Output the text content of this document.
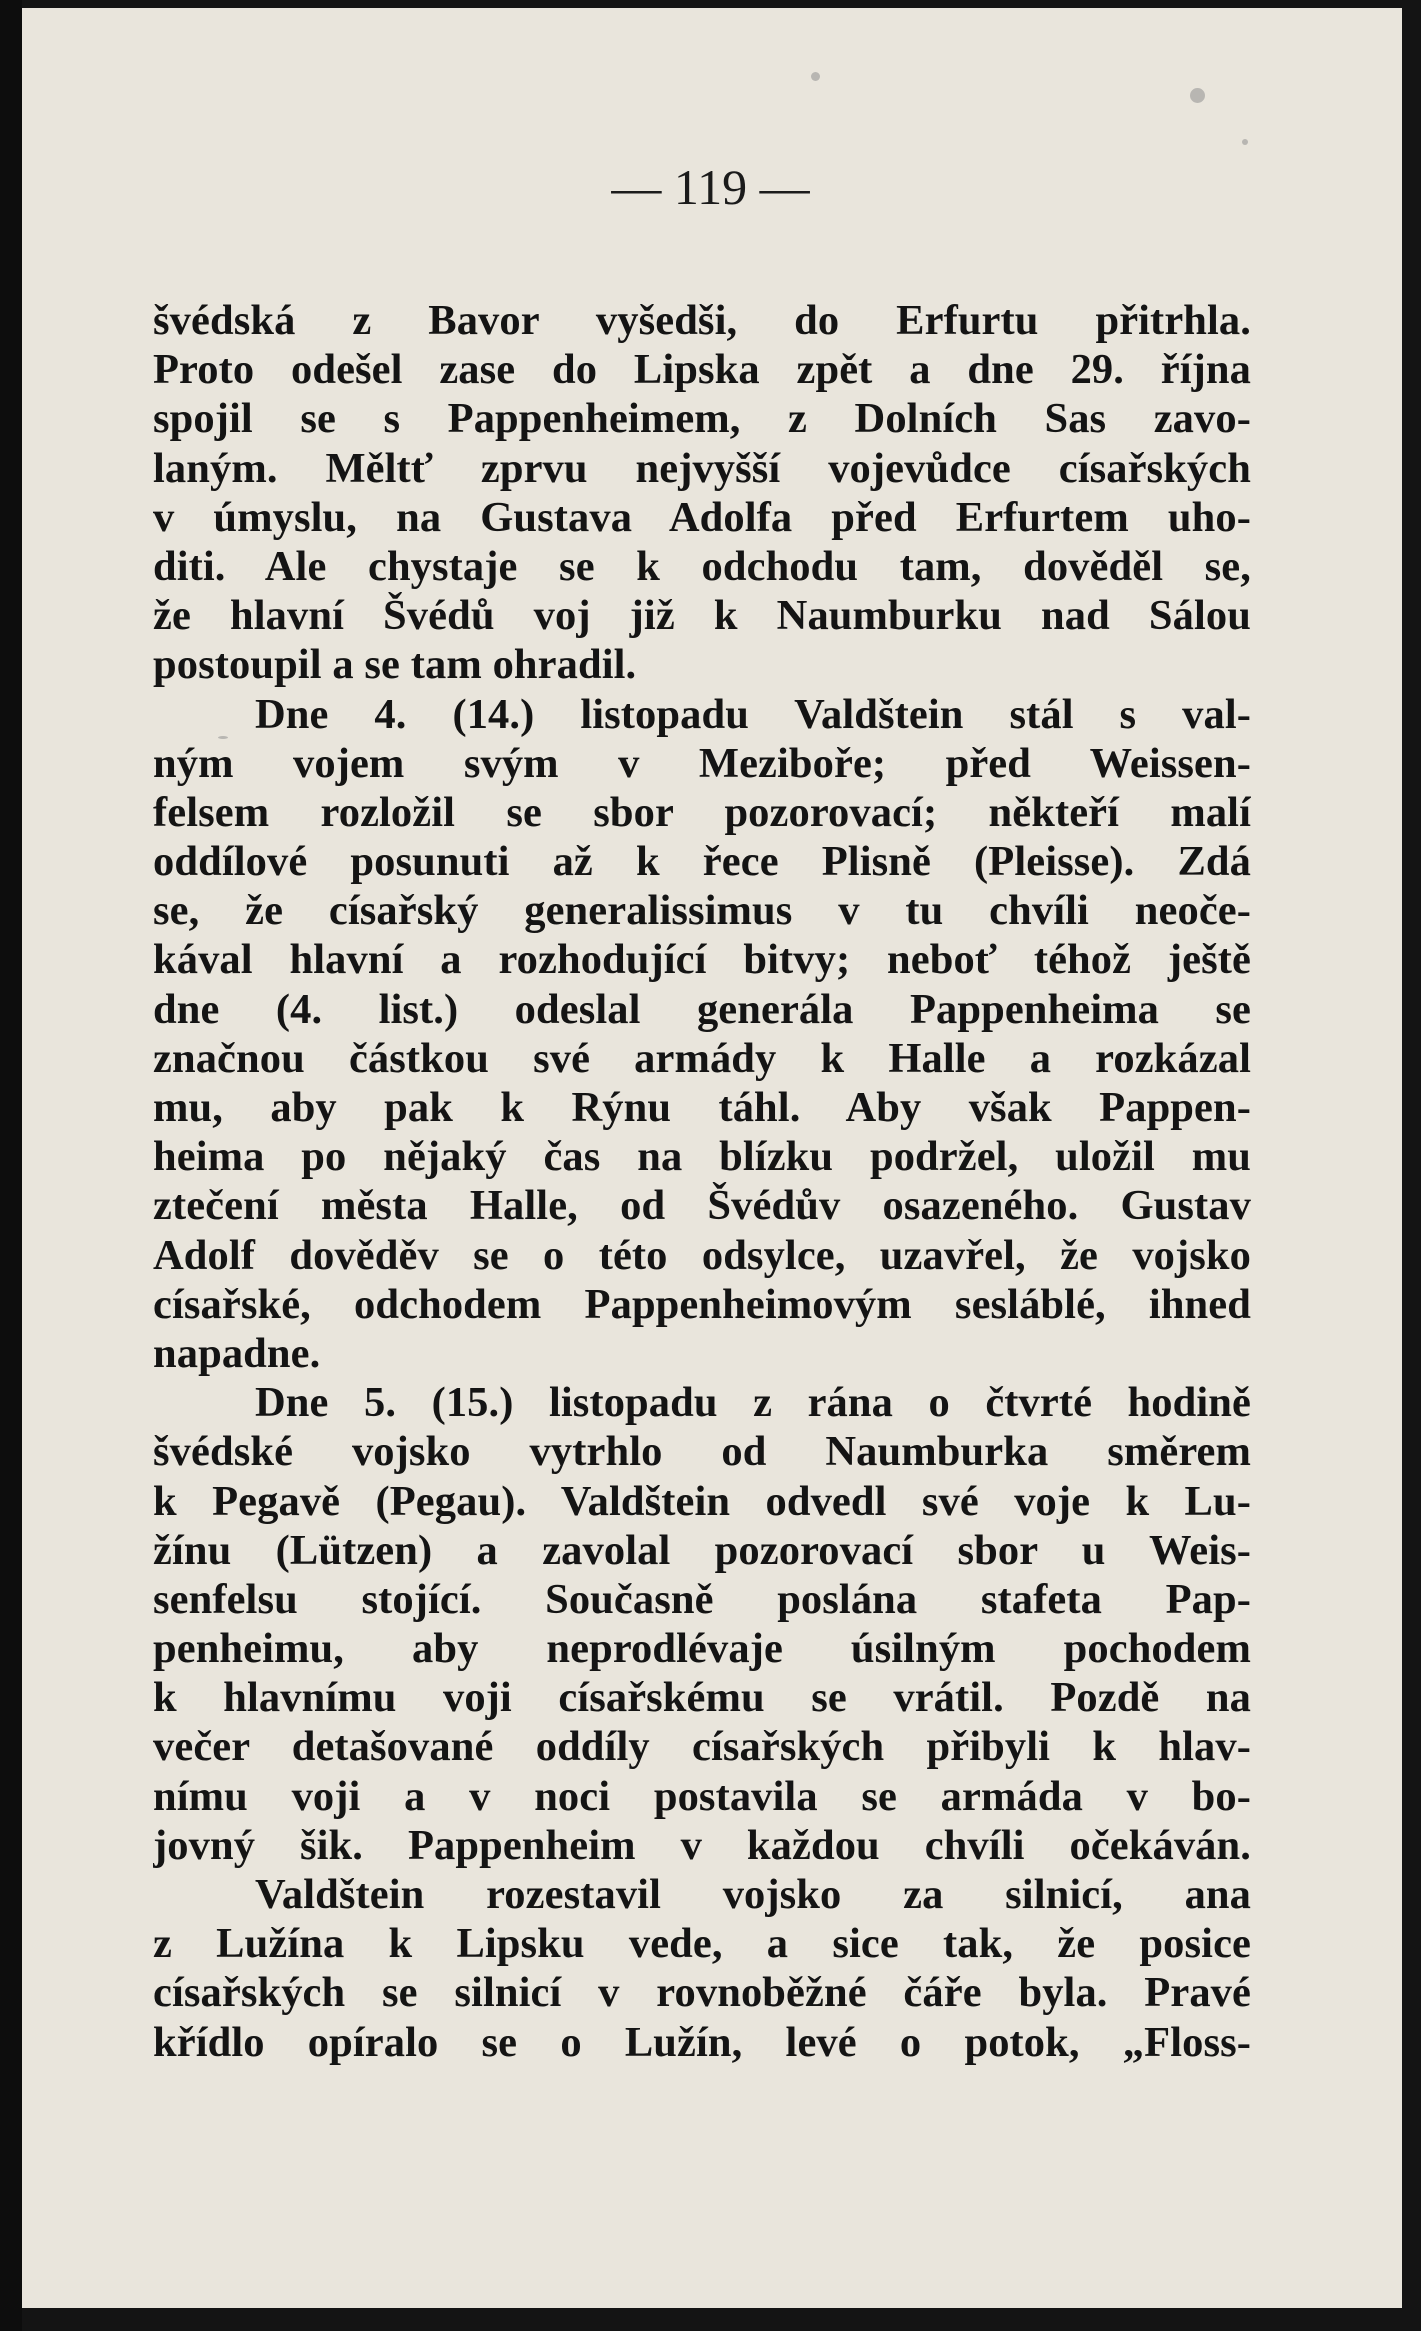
— 119 —
švédská z Bavor vyšedši, do Erfurtu přitrhla.
Proto odešel zase do Lipska zpět a dne 29. října
spojil se s Pappenheimem, z Dolních Sas zavo-
laným. Měltť zprvu nejvyšší vojevůdce císařských
v úmyslu, na Gustava Adolfa před Erfurtem uho-
diti. Ale chystaje se k odchodu tam, dověděl se,
že hlavní Švédů voj již k Naumburku nad Sálou
postoupil a se tam ohradil.
Dne 4. (14.) listopadu Valdštein stál s val-
ným vojem svým v Meziboře; před Weissen-
felsem rozložil se sbor pozorovací; někteří malí
oddílové posunuti až k řece Plisně (Pleisse). Zdá
se, že císařský generalissimus v tu chvíli neoče-
kával hlavní a rozhodující bitvy; neboť téhož ještě
dne (4. list.) odeslal generála Pappenheima se
značnou částkou své armády k Halle a rozkázal
mu, aby pak k Rýnu táhl. Aby však Pappen-
heima po nějaký čas na blízku podržel, uložil mu
ztečení města Halle, od Švédův osazeného. Gustav
Adolf dověděv se o této odsylce, uzavřel, že vojsko
císařské, odchodem Pappenheimovým sesláblé, ihned
napadne.
Dne 5. (15.) listopadu z rána o čtvrté hodině
švédské vojsko vytrhlo od Naumburka směrem
k Pegavě (Pegau). Valdštein odvedl své voje k Lu-
žínu (Lützen) a zavolal pozorovací sbor u Weis-
senfelsu stojící. Současně poslána stafeta Pap-
penheimu, aby neprodlévaje úsilným pochodem
k hlavnímu voji císařskému se vrátil. Pozdě na
večer detašované oddíly císařských přibyli k hlav-
nímu voji a v noci postavila se armáda v bo-
jovný šik. Pappenheim v každou chvíli očekáván.
Valdštein rozestavil vojsko za silnicí, ana
z Lužína k Lipsku vede, a sice tak, že posice
císařských se silnicí v rovnoběžné čáře byla. Pravé
křídlo opíralo se o Lužín, levé o potok, „Floss-
